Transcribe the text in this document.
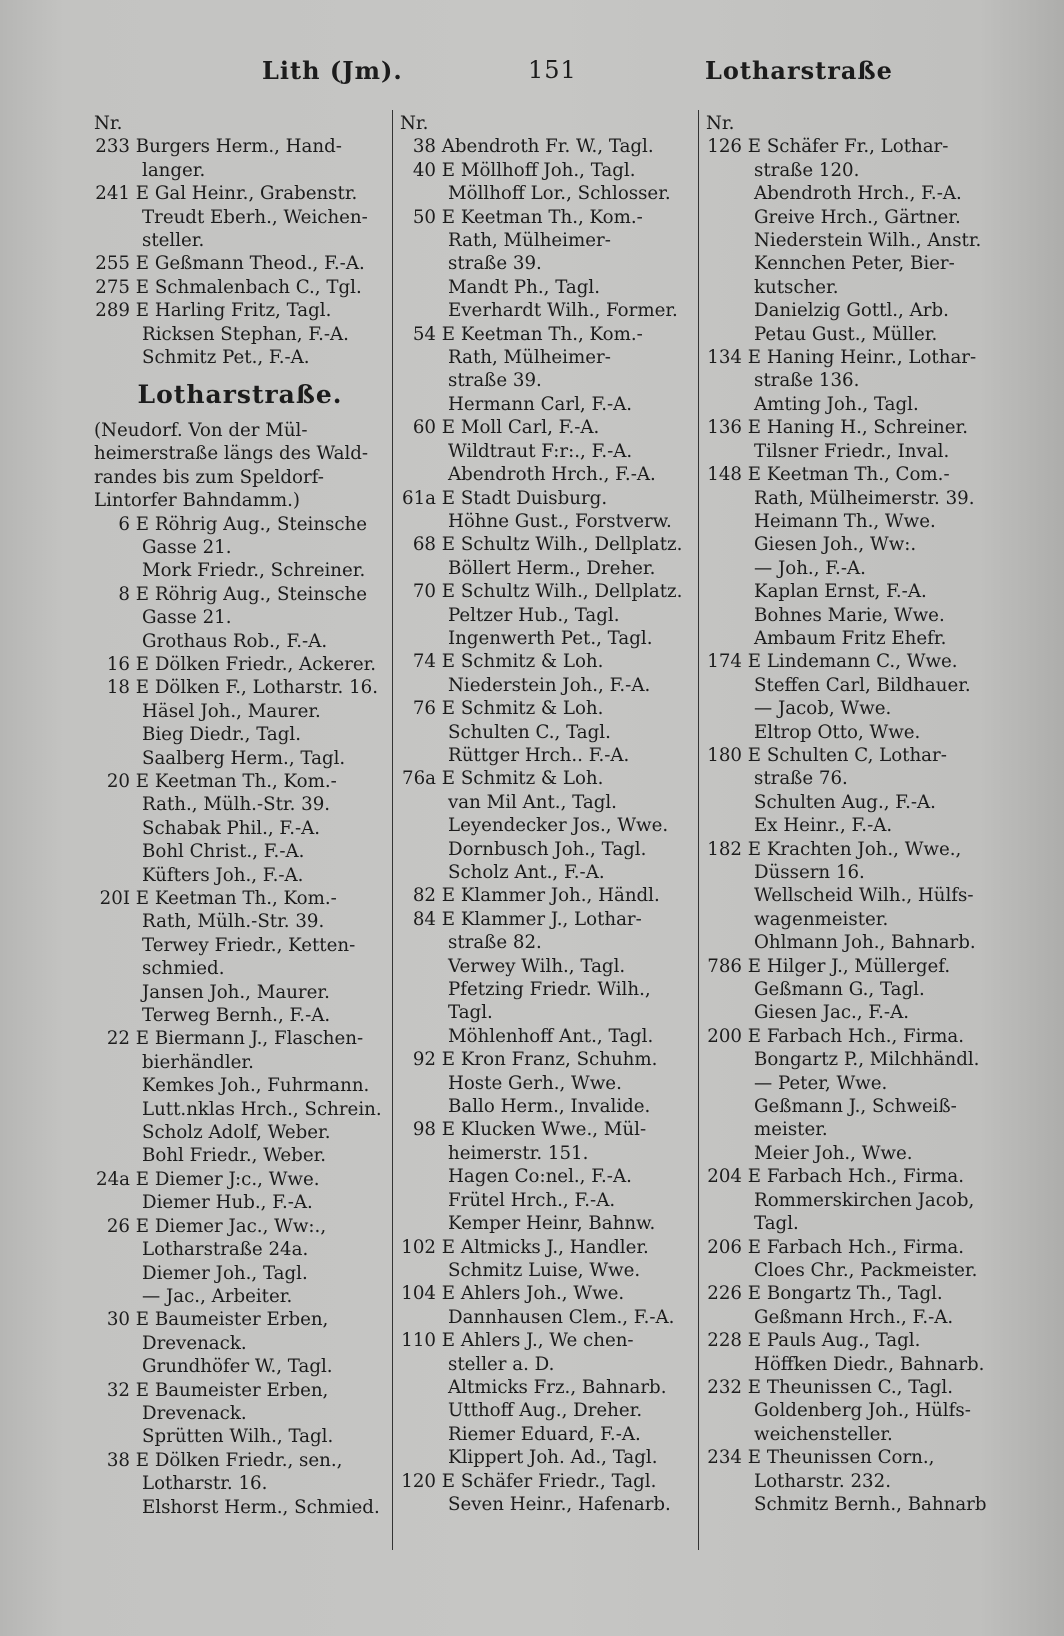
Lith (Jm).	151	Lotharstraße
Nr.
233 Burgers Herm., Hand-
langer.
241 E Gal Heinr., Grabenstr.
Treudt Eberh., Weichen-
steller.
255 E Geßmann Theod., F.-A.
275 E Schmalenbach C., Tgl.
289 E Harling Fritz, Tagl.
Ricksen Stephan, F.-A.
Schmitz Pet., F.-A.
Lotharstraße.
(Neudorf. Von der Mül-
heimerstraße längs des Wald-
randes bis zum Speldorf-
Lintorfer Bahndamm.)
6 E Röhrig Aug., Steinsche
Gasse 21.
Mork Friedr., Schreiner.
8 E Röhrig Aug., Steinsche
Gasse 21.
Grothaus Rob., F.-A.
16 E Dölken Friedr., Ackerer.
18 E Dölken F., Lotharstr. 16.
Häsel Joh., Maurer.
Bieg Diedr., Tagl.
Saalberg Herm., Tagl.
20 E Keetman Th., Kom.-
Rath., Mülh.-Str. 39.
Schabak Phil., F.-A.
Bohl Christ., F.-A.
Küfters Joh., F.-A.
20I E Keetman Th., Kom.-
Rath, Mülh.-Str. 39.
Terwey Friedr., Ketten-
schmied.
Jansen Joh., Maurer.
Terweg Bernh., F.-A.
22 E Biermann J., Flaschen-
bierhändler.
Kemkes Joh., Fuhrmann.
Lutt.nklas Hrch., Schrein.
Scholz Adolf, Weber.
Bohl Friedr., Weber.
24a E Diemer J:c., Wwe.
Diemer Hub., F.-A.
26 E Diemer Jac., Ww:.,
Lotharstraße 24a.
Diemer Joh., Tagl.
— Jac., Arbeiter.
30 E Baumeister Erben,
Drevenack.
Grundhöfer W., Tagl.
32 E Baumeister Erben,
Drevenack.
Sprütten Wilh., Tagl.
38 E Dölken Friedr., sen.,
Lotharstr. 16.
Elshorst Herm., Schmied.
Nr.
38 Abendroth Fr. W., Tagl.
40 E Möllhoff Joh., Tagl.
Möllhoff Lor., Schlosser.
50 E Keetman Th., Kom.-
Rath, Mülheimer-
straße 39.
Mandt Ph., Tagl.
Everhardt Wilh., Former.
54 E Keetman Th., Kom.-
Rath, Mülheimer-
straße 39.
Hermann Carl, F.-A.
60 E Moll Carl, F.-A.
Wildtraut F:r:., F.-A.
Abendroth Hrch., F.-A.
61a E Stadt Duisburg.
Höhne Gust., Forstverw.
68 E Schultz Wilh., Dellplatz.
Böllert Herm., Dreher.
70 E Schultz Wilh., Dellplatz.
Peltzer Hub., Tagl.
Ingenwerth Pet., Tagl.
74 E Schmitz & Loh.
Niederstein Joh., F.-A.
76 E Schmitz & Loh.
Schulten C., Tagl.
Rüttger Hrch.. F.-A.
76a E Schmitz & Loh.
van Mil Ant., Tagl.
Leyendecker Jos., Wwe.
Dornbusch Joh., Tagl.
Scholz Ant., F.-A.
82 E Klammer Joh., Händl.
84 E Klammer J., Lothar-
straße 82.
Verwey Wilh., Tagl.
Pfetzing Friedr. Wilh.,
Tagl.
Möhlenhoff Ant., Tagl.
92 E Kron Franz, Schuhm.
Hoste Gerh., Wwe.
Ballo Herm., Invalide.
98 E Klucken Wwe., Mül-
heimerstr. 151.
Hagen Co:nel., F.-A.
Frütel Hrch., F.-A.
Kemper Heinr, Bahnw.
102 E Altmicks J., Handler.
Schmitz Luise, Wwe.
104 E Ahlers Joh., Wwe.
Dannhausen Clem., F.-A.
110 E Ahlers J., We chen-
steller a. D.
Altmicks Frz., Bahnarb.
Utthoff Aug., Dreher.
Riemer Eduard, F.-A.
Klippert Joh. Ad., Tagl.
120 E Schäfer Friedr., Tagl.
Seven Heinr., Hafenarb.
Nr.
126 E Schäfer Fr., Lothar-
straße 120.
Abendroth Hrch., F.-A.
Greive Hrch., Gärtner.
Niederstein Wilh., Anstr.
Kennchen Peter, Bier-
kutscher.
Danielzig Gottl., Arb.
Petau Gust., Müller.
134 E Haning Heinr., Lothar-
straße 136.
Amting Joh., Tagl.
136 E Haning H., Schreiner.
Tilsner Friedr., Inval.
148 E Keetman Th., Com.-
Rath, Mülheimerstr. 39.
Heimann Th., Wwe.
Giesen Joh., Ww:.
— Joh., F.-A.
Kaplan Ernst, F.-A.
Bohnes Marie, Wwe.
Ambaum Fritz Ehefr.
174 E Lindemann C., Wwe.
Steffen Carl, Bildhauer.
— Jacob, Wwe.
Eltrop Otto, Wwe.
180 E Schulten C, Lothar-
straße 76.
Schulten Aug., F.-A.
Ex Heinr., F.-A.
182 E Krachten Joh., Wwe.,
Düssern 16.
Wellscheid Wilh., Hülfs-
wagenmeister.
Ohlmann Joh., Bahnarb.
786 E Hilger J., Müllergef.
Geßmann G., Tagl.
Giesen Jac., F.-A.
200 E Farbach Hch., Firma.
Bongartz P., Milchhändl.
— Peter, Wwe.
Geßmann J., Schweiß-
meister.
Meier Joh., Wwe.
204 E Farbach Hch., Firma.
Rommerskirchen Jacob,
Tagl.
206 E Farbach Hch., Firma.
Cloes Chr., Packmeister.
226 E Bongartz Th., Tagl.
Geßmann Hrch., F.-A.
228 E Pauls Aug., Tagl.
Höffken Diedr., Bahnarb.
232 E Theunissen C., Tagl.
Goldenberg Joh., Hülfs-
weichensteller.
234 E Theunissen Corn.,
Lotharstr. 232.
Schmitz Bernh., Bahnarb
